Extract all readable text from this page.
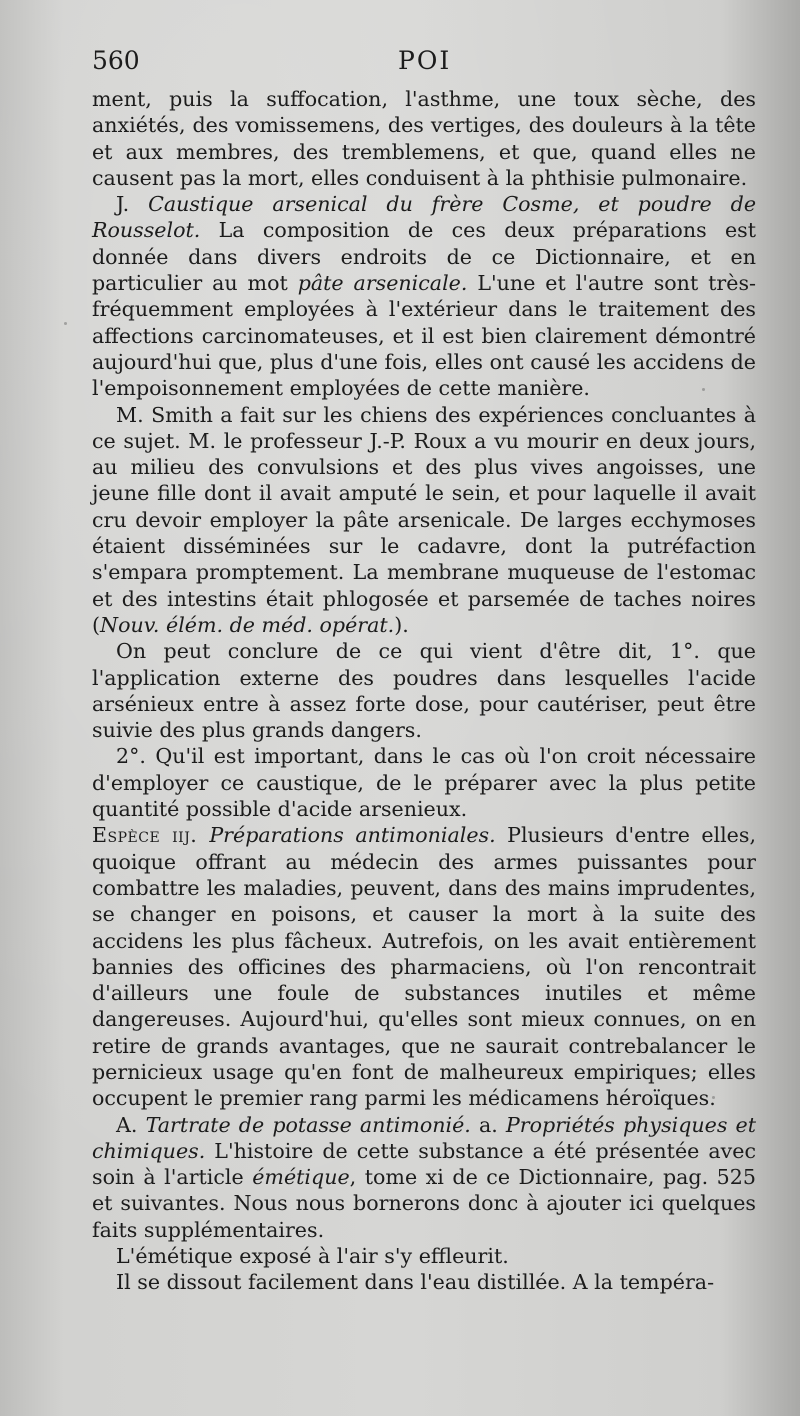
560	POI

ment, puis la suffocation, l'asthme, une toux sèche, des anxiétés, des vomissemens, des vertiges, des douleurs à la tête et aux membres, des tremblemens, et que, quand elles ne causent pas la mort, elles conduisent à la phthisie pulmonaire.

J. Caustique arsenical du frère Cosme, et poudre de Rousselot. La composition de ces deux préparations est donnée dans divers endroits de ce Dictionnaire, et en particulier au mot pâte arsenicale. L'une et l'autre sont très-fréquemment employées à l'extérieur dans le traitement des affections carcinomateuses, et il est bien clairement démontré aujourd'hui que, plus d'une fois, elles ont causé les accidens de l'empoisonnement employées de cette manière.

M. Smith a fait sur les chiens des expériences concluantes à ce sujet. M. le professeur J.-P. Roux a vu mourir en deux jours, au milieu des convulsions et des plus vives angoisses, une jeune fille dont il avait amputé le sein, et pour laquelle il avait cru devoir employer la pâte arsenicale. De larges ecchymoses étaient disséminées sur le cadavre, dont la putréfaction s'empara promptement. La membrane muqueuse de l'estomac et des intestins était phlogosée et parsemée de taches noires (Nouv. élém. de méd. opérat.).

On peut conclure de ce qui vient d'être dit, 1°. que l'application externe des poudres dans lesquelles l'acide arsénieux entre à assez forte dose, pour cautériser, peut être suivie des plus grands dangers.

2°. Qu'il est important, dans le cas où l'on croit nécessaire d'employer ce caustique, de le préparer avec la plus petite quantité possible d'acide arsenieux.

Espèce iij. Préparations antimoniales. Plusieurs d'entre elles, quoique offrant au médecin des armes puissantes pour combattre les maladies, peuvent, dans des mains imprudentes, se changer en poisons, et causer la mort à la suite des accidens les plus fâcheux. Autrefois, on les avait entièrement bannies des officines des pharmaciens, où l'on rencontrait d'ailleurs une foule de substances inutiles et même dangereuses. Aujourd'hui, qu'elles sont mieux connues, on en retire de grands avantages, que ne saurait contrebalancer le pernicieux usage qu'en font de malheureux empiriques; elles occupent le premier rang parmi les médicamens héroïques.

A. Tartrate de potasse antimonié. a. Propriétés physiques et chimiques. L'histoire de cette substance a été présentée avec soin à l'article émétique, tome xi de ce Dictionnaire, pag. 525 et suivantes. Nous nous bornerons donc à ajouter ici quelques faits supplémentaires.

L'émétique exposé à l'air s'y effleurit.

Il se dissout facilement dans l'eau distillée. A la tempéra-
